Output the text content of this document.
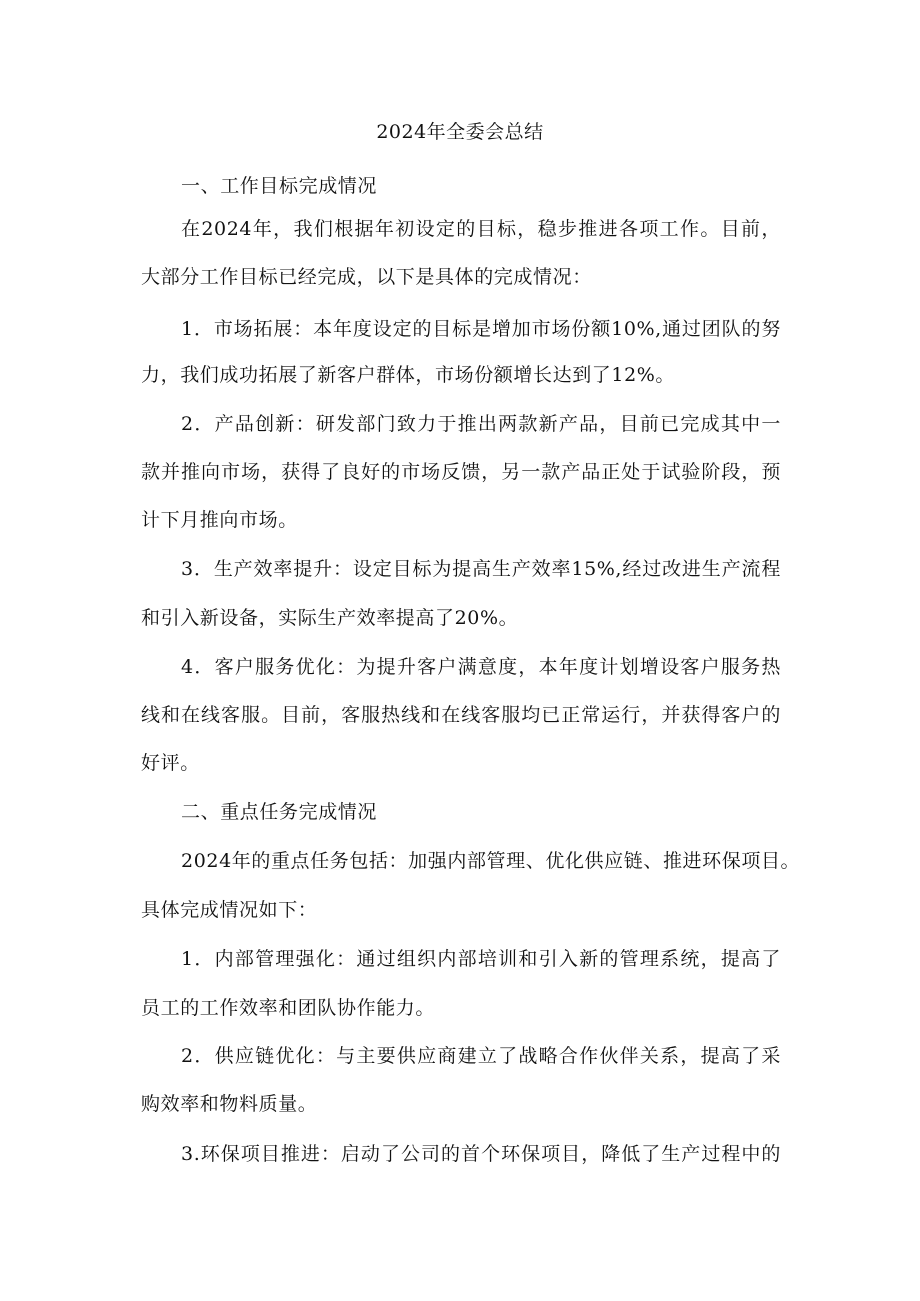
2024年全委会总结
一、工作目标完成情况
在2024年，我们根据年初设定的目标，稳步推进各项工作。目前，
大部分工作目标已经完成，以下是具体的完成情况：
1．市场拓展：本年度设定的目标是增加市场份额10%,通过团队的努
力，我们成功拓展了新客户群体，市场份额增长达到了12%。
2．产品创新：研发部门致力于推出两款新产品，目前已完成其中一
款并推向市场，获得了良好的市场反馈，另一款产品正处于试验阶段，预
计下月推向市场。
3．生产效率提升：设定目标为提高生产效率15%,经过改进生产流程
和引入新设备，实际生产效率提高了20%。
4．客户服务优化：为提升客户满意度，本年度计划增设客户服务热
线和在线客服。目前，客服热线和在线客服均已正常运行，并获得客户的
好评。
二、重点任务完成情况
2024年的重点任务包括：加强内部管理、优化供应链、推进环保项目。
具体完成情况如下：
1．内部管理强化：通过组织内部培训和引入新的管理系统，提高了
员工的工作效率和团队协作能力。
2．供应链优化：与主要供应商建立了战略合作伙伴关系，提高了采
购效率和物料质量。
3.环保项目推进：启动了公司的首个环保项目，降低了生产过程中的
